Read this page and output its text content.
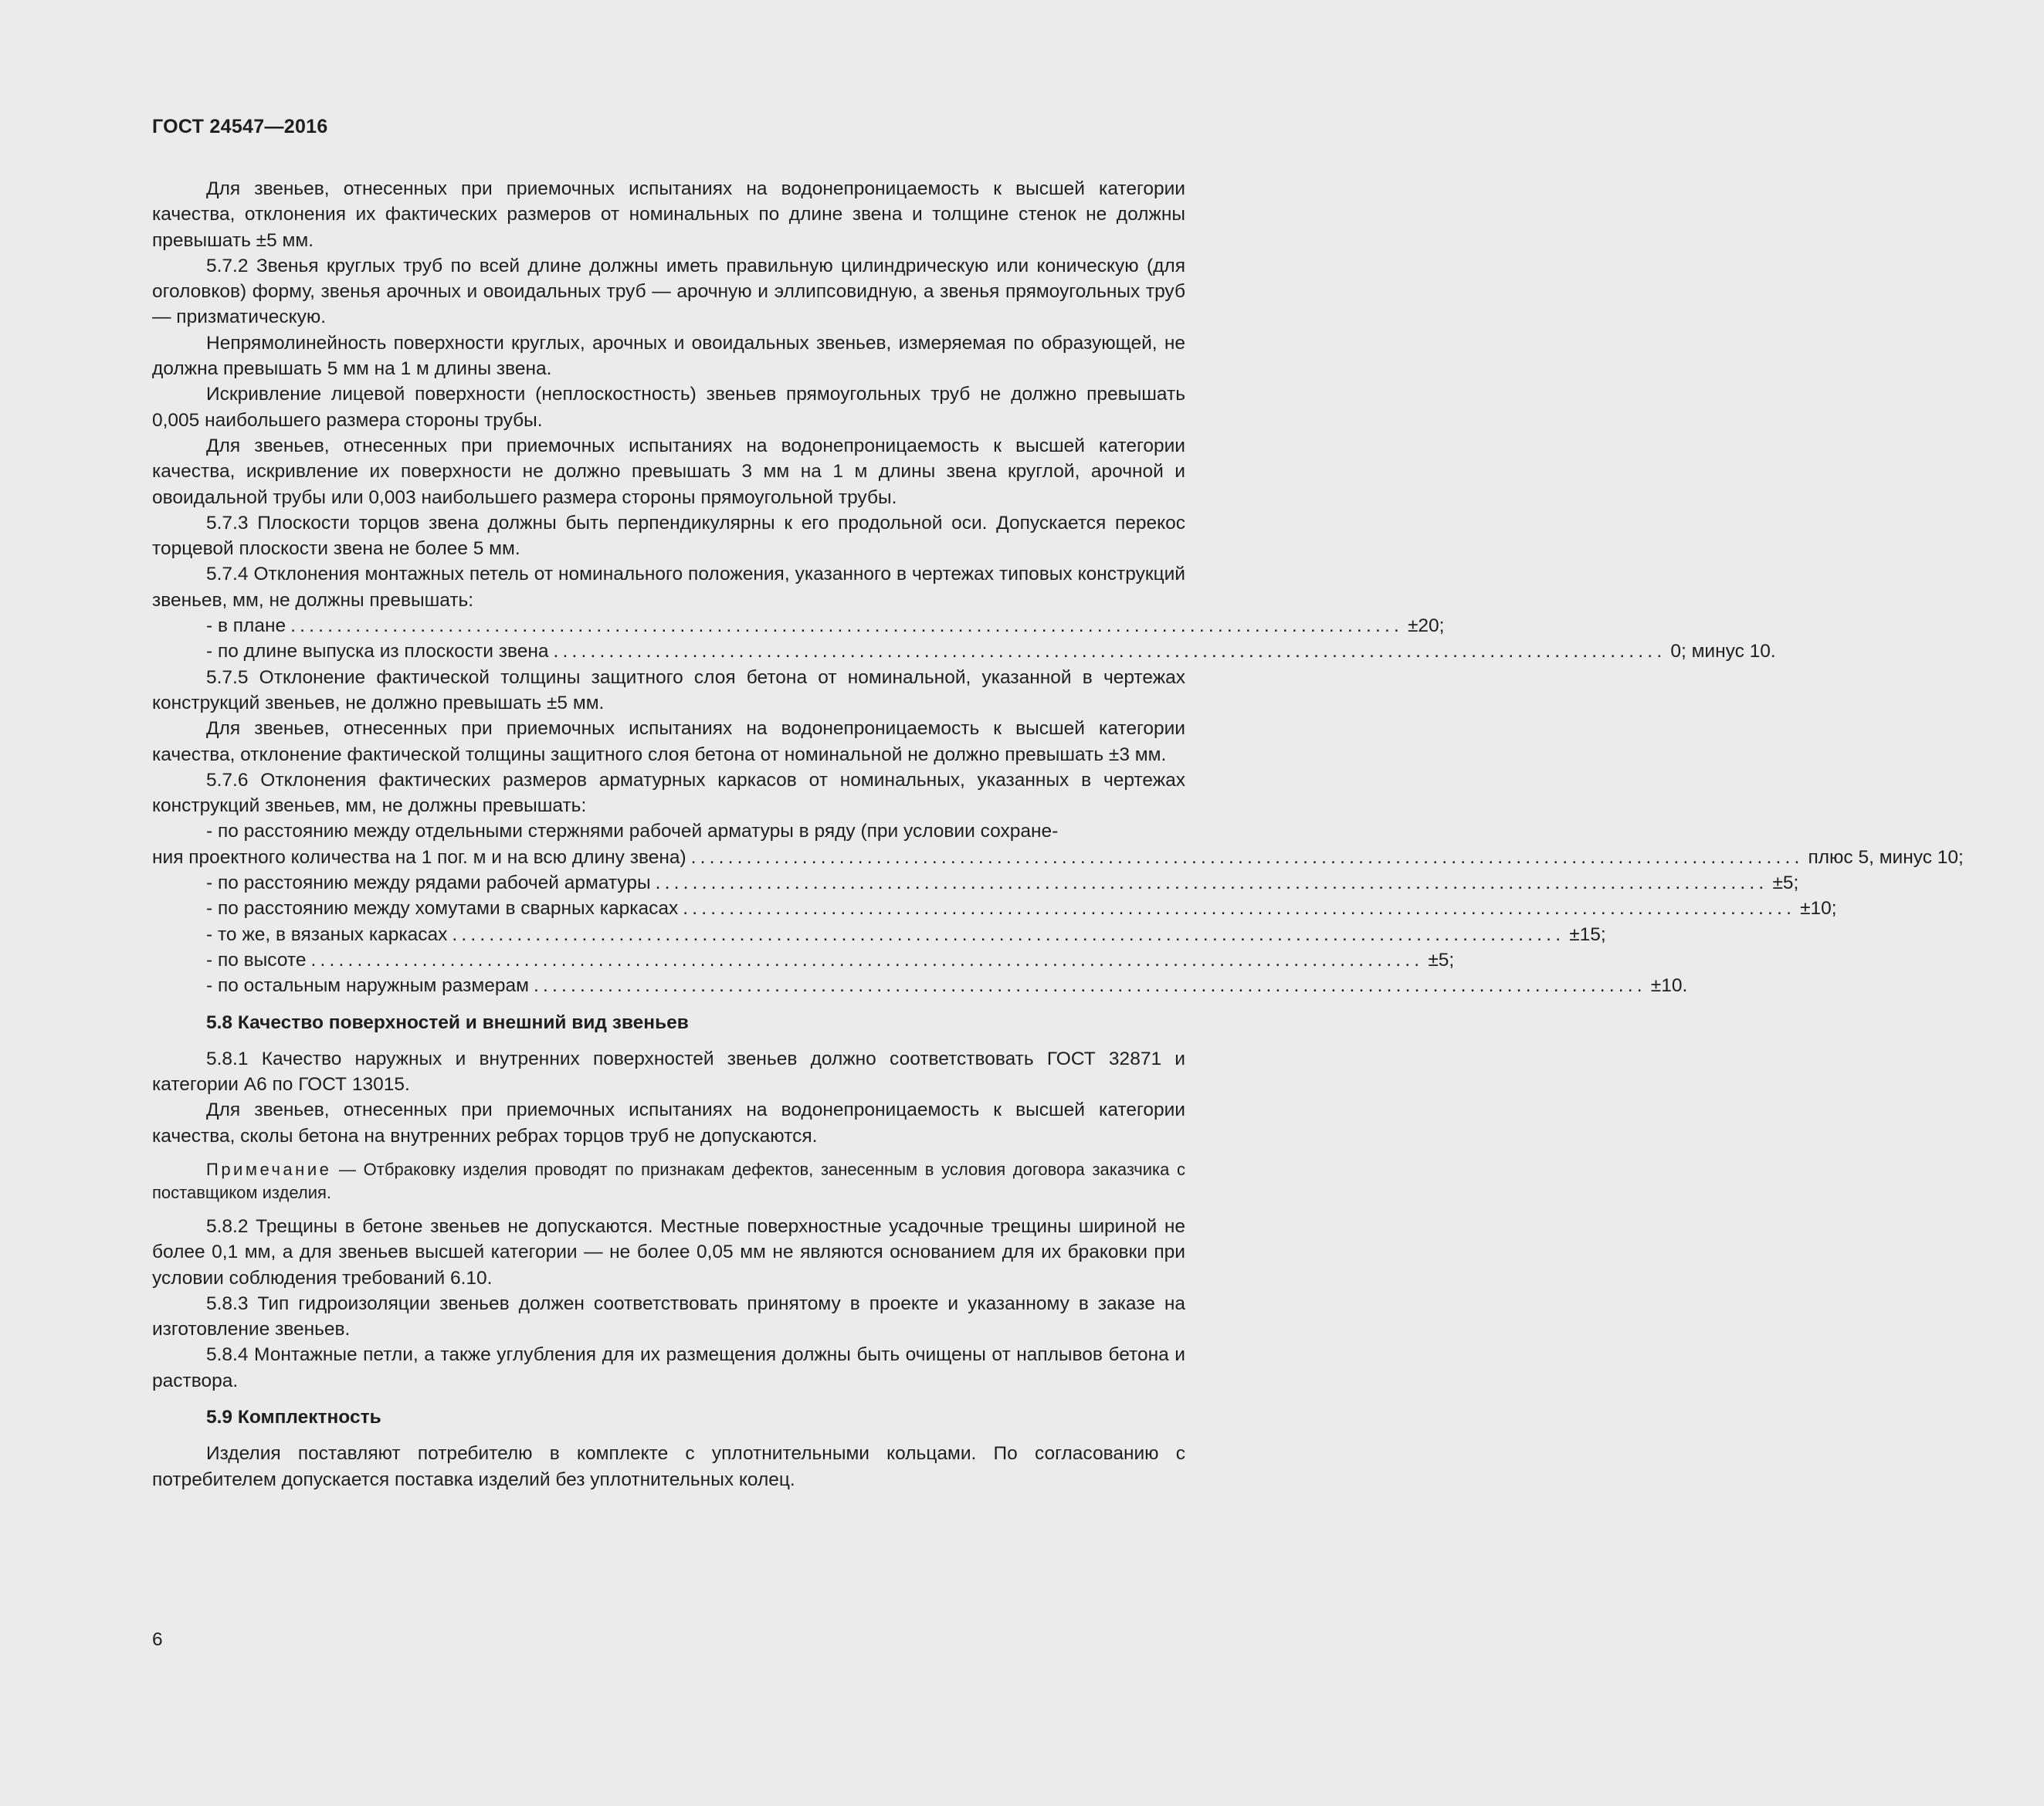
ГОСТ 24547—2016

Для звеньев, отнесенных при приемочных испытаниях на водонепроницаемость к высшей категории качества, отклонения их фактических размеров от номинальных по длине звена и толщине стенок не должны превышать ±5 мм.

5.7.2 Звенья круглых труб по всей длине должны иметь правильную цилиндрическую или коническую (для оголовков) форму, звенья арочных и овоидальных труб — арочную и эллипсовидную, а звенья прямоугольных труб — призматическую.

Непрямолинейность поверхности круглых, арочных и овоидальных звеньев, измеряемая по образующей, не должна превышать 5 мм на 1 м длины звена.

Искривление лицевой поверхности (неплоскостность) звеньев прямоугольных труб не должно превышать 0,005 наибольшего размера стороны трубы.

Для звеньев, отнесенных при приемочных испытаниях на водонепроницаемость к высшей категории качества, искривление их поверхности не должно превышать 3 мм на 1 м длины звена круглой, арочной и овоидальной трубы или 0,003 наибольшего размера стороны прямоугольной трубы.

5.7.3 Плоскости торцов звена должны быть перпендикулярны к его продольной оси. Допускается перекос торцевой плоскости звена не более 5 мм.

5.7.4 Отклонения монтажных петель от номинального положения, указанного в чертежах типовых конструкций звеньев, мм, не должны превышать:

- в плане ........................................................................................................................ ±20;
- по длине выпуска из плоскости звена ........................................................................................................................ 0; минус 10.

5.7.5 Отклонение фактической толщины защитного слоя бетона от номинальной, указанной в чертежах конструкций звеньев, не должно превышать ±5 мм.

Для звеньев, отнесенных при приемочных испытаниях на водонепроницаемость к высшей категории качества, отклонение фактической толщины защитного слоя бетона от номинальной не должно превышать ±3 мм.

5.7.6 Отклонения фактических размеров арматурных каркасов от номинальных, указанных в чертежах конструкций звеньев, мм, не должны превышать:

- по расстоянию между отдельными стержнями рабочей арматуры в ряду (при условии сохране-

ния проектного количества на 1 пог. м и на всю длину звена) ........................................................................................................................ плюс 5, минус 10;
- по расстоянию между рядами рабочей арматуры ........................................................................................................................ ±5;
- по расстоянию между хомутами в сварных каркасах ........................................................................................................................ ±10;
- то же, в вязаных каркасах ........................................................................................................................ ±15;
- по высоте ........................................................................................................................ ±5;
- по остальным наружным размерам ........................................................................................................................ ±10.
5.8 Качество поверхностей и внешний вид звеньев

5.8.1 Качество наружных и внутренних поверхностей звеньев должно соответствовать ГОСТ 32871 и категории А6 по ГОСТ 13015.

Для звеньев, отнесенных при приемочных испытаниях на водонепроницаемость к высшей категории качества, сколы бетона на внутренних ребрах торцов труб не допускаются.

Примечание — Отбраковку изделия проводят по признакам дефектов, занесенным в условия договора заказчика с поставщиком изделия.

5.8.2 Трещины в бетоне звеньев не допускаются. Местные поверхностные усадочные трещины шириной не более 0,1 мм, а для звеньев высшей категории — не более 0,05 мм не являются основанием для их браковки при условии соблюдения требований 6.10.

5.8.3 Тип гидроизоляции звеньев должен соответствовать принятому в проекте и указанному в заказе на изготовление звеньев.

5.8.4 Монтажные петли, а также углубления для их размещения должны быть очищены от наплывов бетона и раствора.

5.9 Комплектность

Изделия поставляют потребителю в комплекте с уплотнительными кольцами. По согласованию с потребителем допускается поставка изделий без уплотнительных колец.

6
